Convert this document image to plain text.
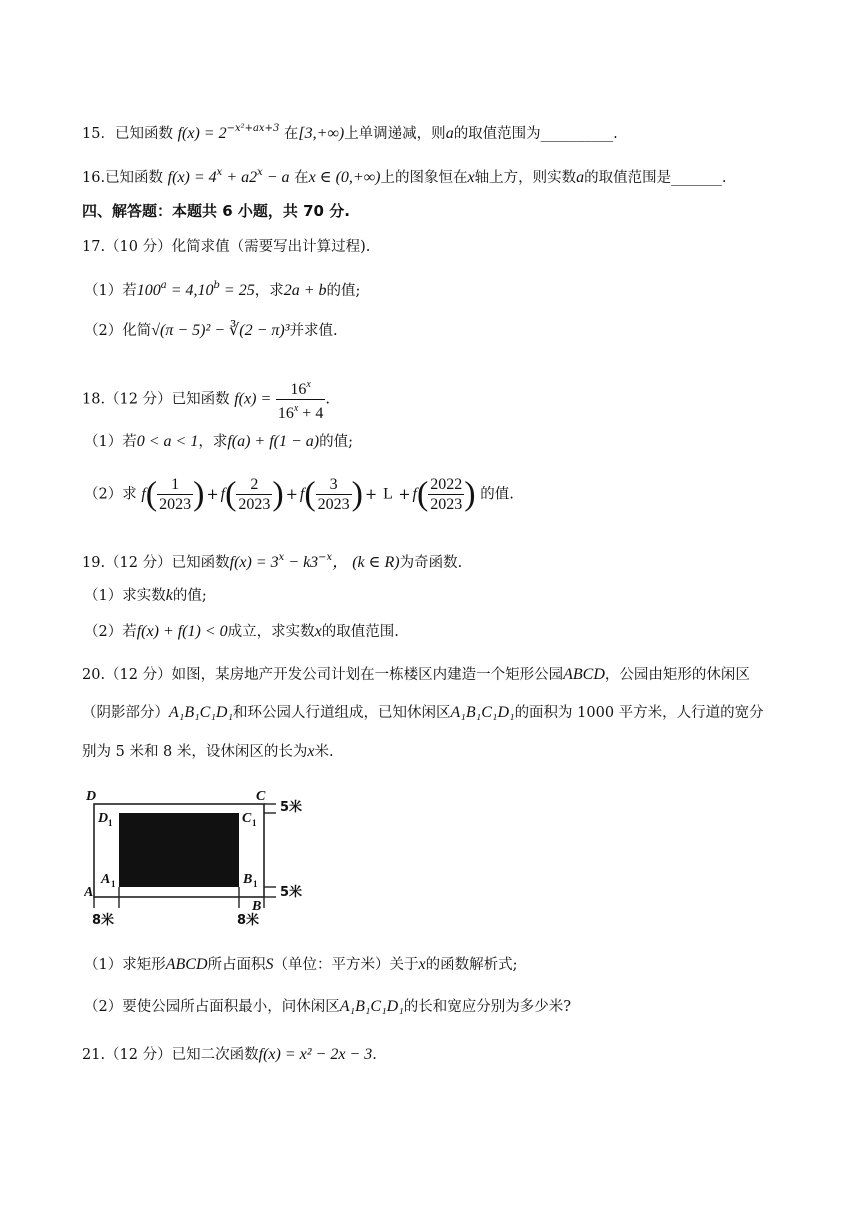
15．已知函数 $f(x) = 2^{-x^2+ax+3}$ 在[3,+∞)上单调递减，则a的取值范围为__________.
16.已知函数 $f(x) = 4^x + a2^x - a$ 在x ∈ (0,+∞)上的图象恒在x轴上方，则实数a的取值范围是_______.
四、解答题：本题共 6 小题，共 70 分.
17.（10 分）化简求值（需要写出计算过程).
（1）若$100^a = 4,10^b = 25$，求2a + b的值;
（2）化简√(π − 5)² − ∛(2 − π)³并求值.
18.（12 分）已知函数 $f(x) = \frac{16^x}{16^x + 4}$ .
（1）若0 < a < 1，求f(a) + f(1 − a)的值;
（2）求 $f( \frac{1}{2023}$ ) + $f( \frac{2}{2023}$ ) + $f( \frac{3}{2023}$ ) + $L + f( \frac{2022}{2023}$ ) 的值.
19.（12 分）已知函数$f(x) = 3^x - k3^{-x}$， (k ∈ R)为奇函数.
（1）求实数k的值;
（2）若f(x) + f(1) < 0成立，求实数x的取值范围.
20.（12 分）如图，某房地产开发公司计划在一栋楼区内建造一个矩形公园ABCD，公园由矩形的休闲区
（阴影部分）A₁B₁C₁D₁和环公园人行道组成，已知休闲区A₁B₁C₁D₁的面积为 1000 平方米，人行道的宽分
别为 5 米和 8 米，设休闲区的长为x米.
D	C
D 1	C 1
A 1	B 1
A
B
5米
5米
8米	8米
（1）求矩形ABCD所占面积S（单位：平方米）关于x的函数解析式;
（2）要使公园所占面积最小，问休闲区A₁B₁C₁D₁的长和宽应分别为多少米?
21.（12 分）已知二次函数f(x) = x² − 2x − 3.
